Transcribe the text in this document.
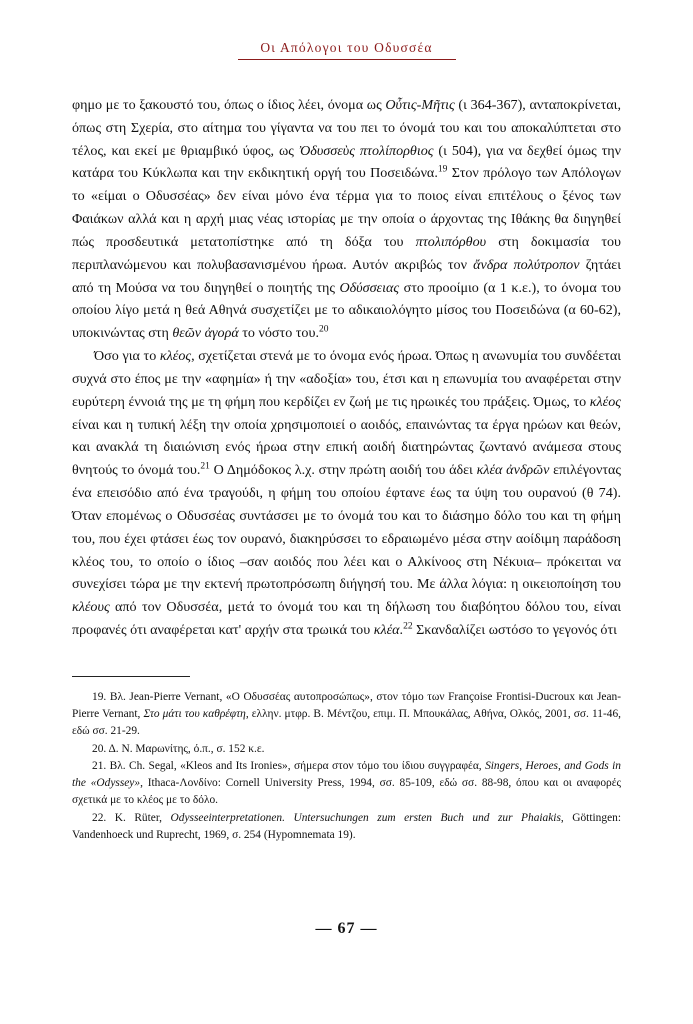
Οι Απόλογοι του Οδυσσέα

φημο με το ξακουστό του, όπως ο ίδιος λέει, όνομα ως Οὖτις-Μῆτις (ι 364-367), ανταποκρίνεται, όπως στη Σχερία, στο αίτημα του γίγαντα να του πει το όνομά του και του αποκαλύπτεται στο τέλος, και εκεί με θριαμβικό ύφος, ως Ὀδυσσεὺς πτολίπορθιος (ι 504), για να δεχθεί όμως την κατάρα του Κύκλωπα και την εκδικητική οργή του Ποσειδώνα.$^{19}$ Στον πρόλογο των Απόλογων το «είμαι ο Οδυσσέας» δεν είναι μόνο ένα τέρμα για το ποιος είναι επιτέλους ο ξένος των Φαιάκων αλλά και η αρχή μιας νέας ιστορίας με την οποία ο άρχοντας της Ιθάκης θα διηγηθεί πώς προσδευτικά μετατοπίστηκε από τη δόξα του πτολιπόρθου στη δοκιμασία του περιπλανώμενου και πολυβασανισμένου ήρωα. Αυτόν ακριβώς τον ἄνδρα πολύτροπον ζητάει από τη Μούσα να του διηγηθεί ο ποιητής της Οδύσσειας στο προοίμιο (α 1 κ.ε.), το όνομα του οποίου λίγο μετά η θεά Αθηνά συσχετίζει με το αδικαιολόγητο μίσος του Ποσειδώνα (α 60-62), υποκινώντας στη θεῶν ἀγορά το νόστο του.$^{20}$

Όσο για το κλέος, σχετίζεται στενά με το όνομα ενός ήρωα. Όπως η ανωνυμία του συνδέεται συχνά στο έπος με την «αφημία» ή την «αδοξία» του, έτσι και η επωνυμία του αναφέρεται στην ευρύτερη έννοιά της με τη φήμη που κερδίζει εν ζωή με τις ηρωικές του πράξεις. Όμως, το κλέος είναι και η τυπική λέξη την οποία χρησιμοποιεί ο αοιδός, επαινώντας τα έργα ηρώων και θεών, και ανακλά τη διαιώνιση ενός ήρωα στην επική αοιδή διατηρώντας ζωντανό ανάμεσα στους θνητούς το όνομά του.$^{21}$ Ο Δημόδοκος λ.χ. στην πρώτη αοιδή του άδει κλέα ἀνδρῶν επιλέγοντας ένα επεισόδιο από ένα τραγούδι, η φήμη του οποίου έφτανε έως τα ύψη του ουρανού (θ 74). Όταν επομένως ο Οδυσσέας συντάσσει με το όνομά του και το διάσημο δόλο του και τη φήμη του, που έχει φτάσει έως τον ουρανό, διακηρύσσει το εδραιωμένο μέσα στην αοίδιμη παράδοση κλέος του, το οποίο ο ίδιος –σαν αοιδός που λέει και ο Αλκίνοος στη Νέκυια– πρόκειται να συνεχίσει τώρα με την εκτενή πρωτοπρόσωπη διήγησή του. Με άλλα λόγια: η οικειοποίηση του κλέους από τον Οδυσσέα, μετά το όνομά του και τη δήλωση του διαβόητου δόλου του, είναι προφανές ότι αναφέρεται κατ' αρχήν στα τρωικά του κλέα.$^{22}$ Σκανδαλίζει ωστόσο το γεγονός ότι

19. Βλ. Jean-Pierre Vernant, «Ο Οδυσσέας αυτοπροσώπως», στον τόμο των Françoise Frontisi-Ducroux και Jean-Pierre Vernant, Στο μάτι του καθρέφτη, ελλην. μτφρ. Β. Μέντζου, επιμ. Π. Μπουκάλας, Αθήνα, Ολκός, 2001, σσ. 11-46, εδώ σσ. 21-29.

20. Δ. Ν. Μαρωνίτης, ό.π., σ. 152 κ.ε.

21. Βλ. Ch. Segal, «Kleos and Its Ironies», σήμερα στον τόμο του ίδιου συγγραφέα, Singers, Heroes, and Gods in the «Odyssey», Ithaca-Λονδίνο: Cornell University Press, 1994, σσ. 85-109, εδώ σσ. 88-98, όπου και οι αναφορές σχετικά με το κλέος με το δόλο.

22. K. Rüter, Odysseeinterpretationen. Untersuchungen zum ersten Buch und zur Phaiakis, Göttingen: Vandenhoeck und Ruprecht, 1969, σ. 254 (Hypomnemata 19).

— 67 —
